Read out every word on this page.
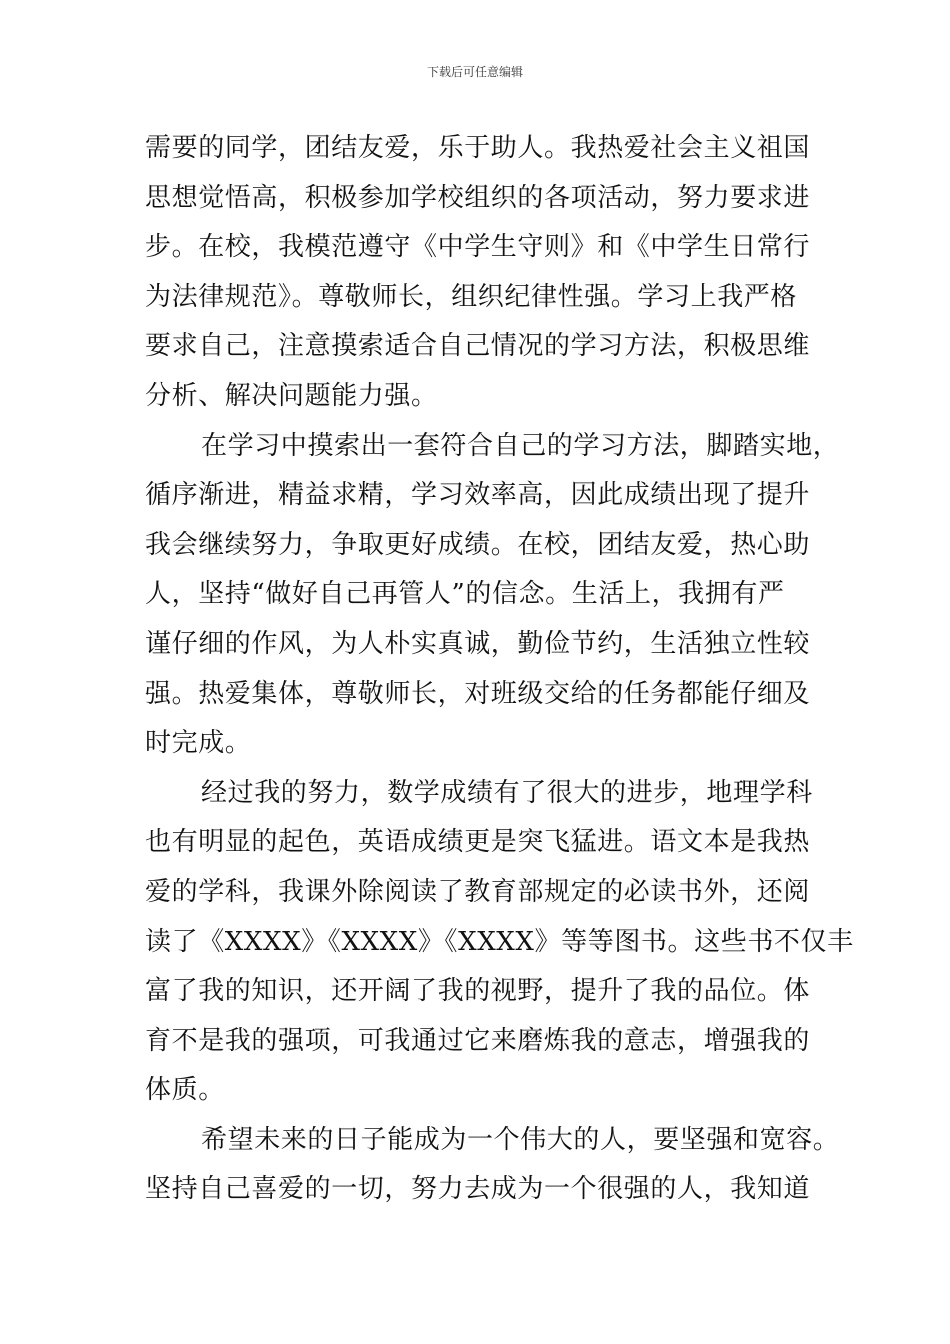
下载后可任意编辑
需要的同学，团结友爱，乐于助人。我热爱社会主义祖国
思想觉悟高，积极参加学校组织的各项活动，努力要求进
步。在校，我模范遵守《中学生守则》和《中学生日常行
为法律规范》。尊敬师长，组织纪律性强。学习上我严格
要求自己，注意摸索适合自己情况的学习方法，积极思维
分析、解决问题能力强。
在学习中摸索出一套符合自己的学习方法，脚踏实地，
循序渐进，精益求精，学习效率高，因此成绩出现了提升
我会继续努力，争取更好成绩。在校，团结友爱，热心助
人，坚持“做好自己再管人”的信念。生活上，我拥有严
谨仔细的作风，为人朴实真诚，勤俭节约，生活独立性较
强。热爱集体，尊敬师长，对班级交给的任务都能仔细及
时完成。
经过我的努力，数学成绩有了很大的进步，地理学科
也有明显的起色，英语成绩更是突飞猛进。语文本是我热
爱的学科，我课外除阅读了教育部规定的必读书外，还阅
读了《XXXX》《XXXX》《XXXX》等等图书。这些书不仅丰
富了我的知识，还开阔了我的视野，提升了我的品位。体
育不是我的强项，可我通过它来磨炼我的意志，增强我的
体质。
希望未来的日子能成为一个伟大的人，要坚强和宽容。
坚持自己喜爱的一切，努力去成为一个很强的人，我知道
